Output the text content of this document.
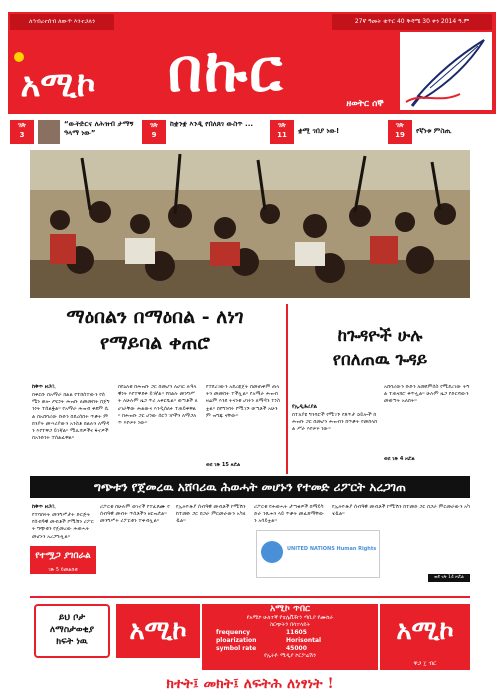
ለኅብረተሰብ ለውጥ እንተጋለን	27ኛ ዓመት ቁጥር 40 ቅዳሜ 30 ቀን 2014 ዓ.ም
አሚኮ	በኩር	ዘወትር ሰኞ
ገጽ
3
“ውትድርና ለሕዝብ ታማኝ ዓላማ ነው”
ገጽ
9
ከቋንቋ እንዲ የበለጸገ ውስጥ ...	ገጽ
11	ቋሚ ገበያ ነው!
ገጽ
19	የኛነቱ ምስጢ
ማዕበልን በማዕበል - ለነገ
የማይባል ቀጠሮ	ከጉዳዮች ሁሉ
የበለጠዉ ጉዳይ
ከቅጥ ዘጋቢ
በቅርቡ በአማራ ክልል የተከሰተውን የሰሜን ወሎ ጦርነት ሕዝቡ ለመመከት በጀግንነት ተሰልፏል። የአማራ ሕዝብ ቀደም ሲል በአሸባሪው ቡድን በደረሰበት ጥቃት ምክንያት መሣሪያውን አንስቶ ክልሉን ለማዳን እየተዋጋ ይገኛል። ሚሊሻዎችና ፋኖዎች በአንድነት ተሰልፈዋል።
በየዕለቱ ከሕዝቡ ጋር በመሆን ለሀገር ሉዓላዊነት እየተዋደቀ ይገኛል። የክልሉ መንግሥት ለሁሉም ዜጋ ጥሪ አቅርቧል። ወጣቶች ለሀገራቸው ሕልውና እንዲሰለፉ ተጠይቀዋል። ከሕዝቡ ጋር ሆነው ሰርጎ ገቦችን ለማጋለጥ እየሠሩ ነው።
የተደረገውን አደረጃጀት በመጠቀም ጠላትን መመከት ተችሏል። የአማራ ሕዝብ ዛሬም እንደ ትናንቱ ሀገሩን ለማዳን ተነስቷል። በየግንባሩ የሚገኙ ወጣቶች አሁንም ዝግጁ ናቸው።
ወደ ገጽ 15 ዞሯል
የኢዲቶሪያል
በተለያዩ ግንባሮች የሚገኙ የጸጥታ ኃይሎች ከሕዝቡ ጋር በመሆን ሕዝብን ከጥቃት የመከላከል ሥራ እየሠሩ ነው።
አሸባሪውን ቡድን ለመደምሰስ የሚደረገው ትግል ተጠናክሮ ቀጥሏል። ሁሉም ዜጋ የድርሻውን መወጣት አለበት።
ወደ ገጽ 4 ዞሯል
ግጭቱን የጀመረዉ አሸባሪዉ ሕወሓት መሆኑን የተመድ ሪፖርት አረጋገጠ
ከቅጥ ዘጋቢ
የተባበሩት መንግሥታት ድርጅት የሰብዓዊ መብቶች ኮሚሽን ሪፖርት ግጭቱን የጀመረው ሕወሓት መሆኑን አረጋግጧል።
የተሟጋ ያገበራል
ገጽ 5 ይመልከቱ
ሪፖርቱ በሁሉም ወገኖች የተፈጸሙ የሰብዓዊ መብት ጥሰቶችን ዘርዝሯል። መንግሥት ሪፖርቱን ተቀብሏል።
የኢትዮጵያ ሰብዓዊ መብቶች ኮሚሽን ከተመድ ጋር በጋራ ምርመራውን አካሂዷል።
ሪፖርቱ የሕወሓት ታጣቂዎች በማይካድራ ንጹሐን ላይ ጥቃት መፈጸማቸውን አሳይቷል።
UNITED NATIONS Human Rights
የኢትዮጵያ ሰብዓዊ መብቶች ኮሚሽን ከተመድ ጋር በጋራ ምርመራውን አካሂዷል።
ወደ ገጽ 14 ዞሯል
ይህ ቦታ
ለማስታወቂያ
ክፍት ነዉ	አሚኮ
አሚኮ ጥበር
የአሚኮ ሁለተኛ የቴሌቪዥን ጣቢያ የሙከራ
ስርጭትን በሳተላይት
frequency	11605
ploarization	Horisontal
symbol rate	45000
የኢትዮ ሚዲያ ኮርፖሬሽን
አሚኮ
ዋጋ ፲ ብር
ክተት፤ መክት፤ ለፍትሕ ለነፃነት !
